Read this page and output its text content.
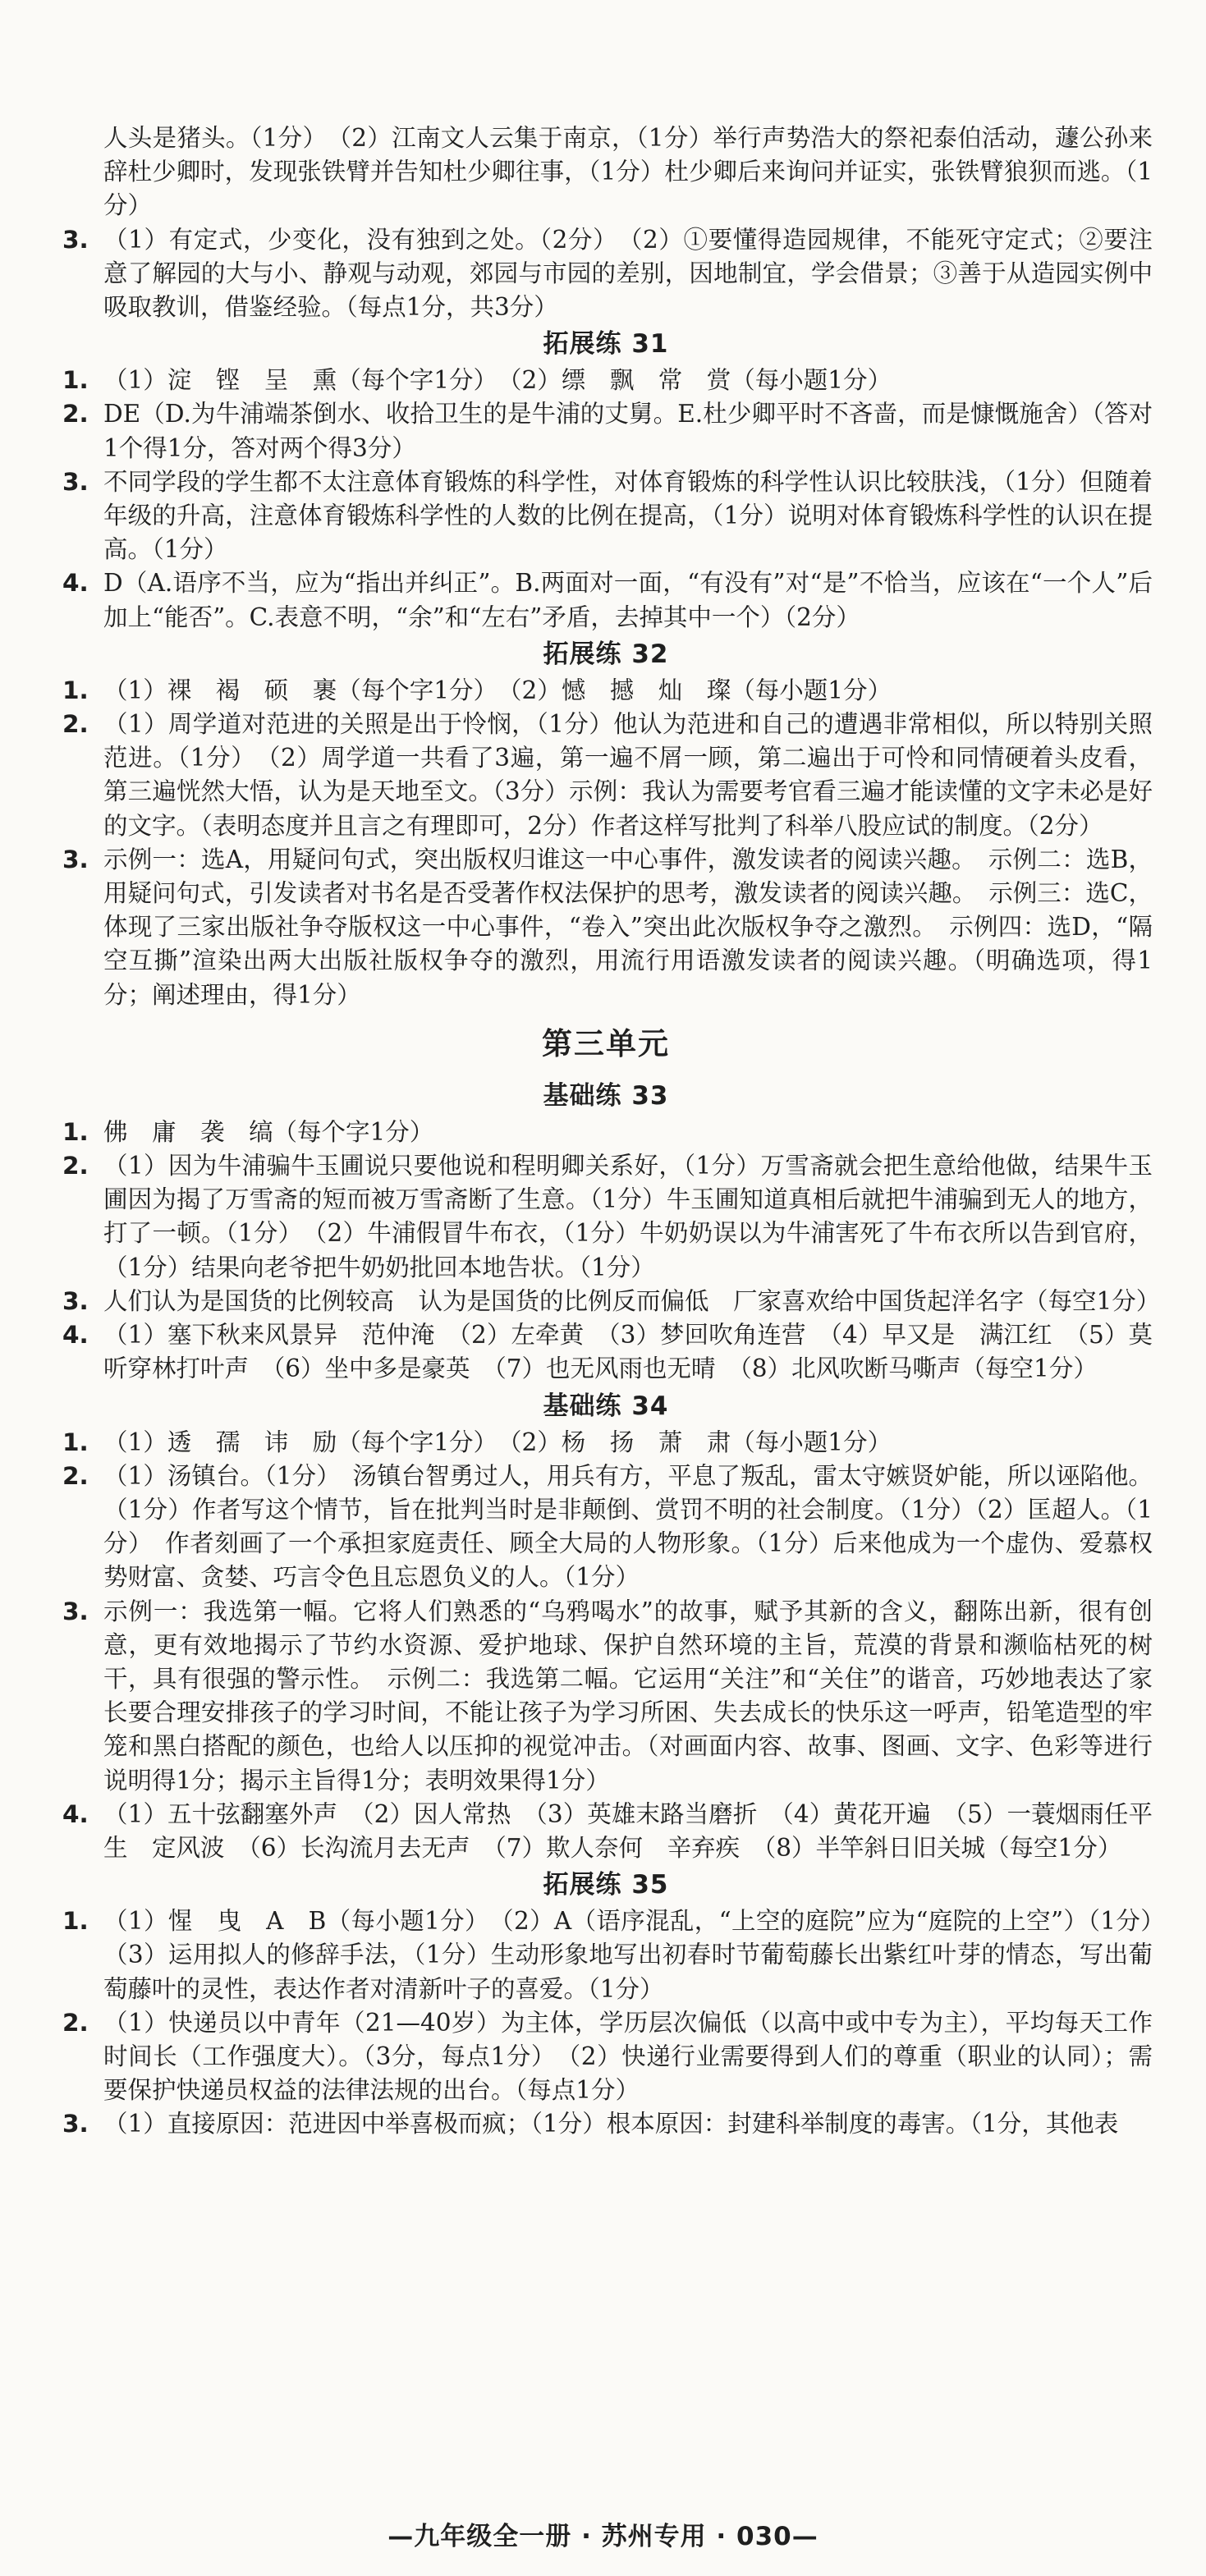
人头是猪头。（1分）　（2）江南文人云集于南京，（1分）举行声势浩大的祭祀泰伯活动，蘧公孙来辞杜少卿时，发现张铁臂并告知杜少卿往事，（1分）杜少卿后来询问并证实，张铁臂狼狈而逃。（1分）
3. （1）有定式，少变化，没有独到之处。（2分）　（2）①要懂得造园规律，不能死守定式；②要注意了解园的大与小、静观与动观，郊园与市园的差别，因地制宜，学会借景；③善于从造园实例中吸取教训，借鉴经验。（每点1分，共3分）
拓展练 31
1. （1）淀　铿　呈　熏（每个字1分）　（2）缥　飘　常　赏（每小题1分）
2. DE（D.为牛浦端茶倒水、收拾卫生的是牛浦的丈舅。E.杜少卿平时不吝啬，而是慷慨施舍）（答对1个得1分，答对两个得3分）
3. 不同学段的学生都不太注意体育锻炼的科学性，对体育锻炼的科学性认识比较肤浅，（1分）但随着年级的升高，注意体育锻炼科学性的人数的比例在提高，（1分）说明对体育锻炼科学性的认识在提高。（1分）
4. D（A.语序不当，应为“指出并纠正”。B.两面对一面，“有没有”对“是”不恰当，应该在“一个人”后加上“能否”。C.表意不明，“余”和“左右”矛盾，去掉其中一个）（2分）
拓展练 32
1. （1）裸　褐　硕　裹（每个字1分）　（2）憾　撼　灿　璨（每小题1分）
2. （1）周学道对范进的关照是出于怜悯，（1分）他认为范进和自己的遭遇非常相似，所以特别关照范进。（1分）　（2）周学道一共看了3遍，第一遍不屑一顾，第二遍出于可怜和同情硬着头皮看，第三遍恍然大悟，认为是天地至文。（3分）示例：我认为需要考官看三遍才能读懂的文字未必是好的文字。（表明态度并且言之有理即可，2分）作者这样写批判了科举八股应试的制度。（2分）
3. 示例一：选A，用疑问句式，突出版权归谁这一中心事件，激发读者的阅读兴趣。　示例二：选B，用疑问句式，引发读者对书名是否受著作权法保护的思考，激发读者的阅读兴趣。　示例三：选C，体现了三家出版社争夺版权这一中心事件，“卷入”突出此次版权争夺之激烈。　示例四：选D，“隔空互撕”渲染出两大出版社版权争夺的激烈，用流行用语激发读者的阅读兴趣。（明确选项，得1分；阐述理由，得1分）
第三单元
基础练 33
1. 佛　庸　袭　缟（每个字1分）
2. （1）因为牛浦骗牛玉圃说只要他说和程明卿关系好，（1分）万雪斋就会把生意给他做，结果牛玉圃因为揭了万雪斋的短而被万雪斋断了生意。（1分）牛玉圃知道真相后就把牛浦骗到无人的地方，打了一顿。（1分）　（2）牛浦假冒牛布衣，（1分）牛奶奶误以为牛浦害死了牛布衣所以告到官府，（1分）结果向老爷把牛奶奶批回本地告状。（1分）
3. 人们认为是国货的比例较高　认为是国货的比例反而偏低　厂家喜欢给中国货起洋名字（每空1分）
4. （1）塞下秋来风景异　范仲淹　（2）左牵黄　（3）梦回吹角连营　（4）早又是　满江红　（5）莫听穿林打叶声　（6）坐中多是豪英　（7）也无风雨也无晴　（8）北风吹断马嘶声（每空1分）
基础练 34
1. （1）透　孺　讳　励（每个字1分）　（2）杨　扬　萧　肃（每小题1分）
2. （1）汤镇台。（1分）　汤镇台智勇过人，用兵有方，平息了叛乱，雷太守嫉贤妒能，所以诬陷他。（1分）作者写这个情节，旨在批判当时是非颠倒、赏罚不明的社会制度。（1分）（2）匡超人。（1分）　作者刻画了一个承担家庭责任、顾全大局的人物形象。（1分）后来他成为一个虚伪、爱慕权势财富、贪婪、巧言令色且忘恩负义的人。（1分）
3. 示例一：我选第一幅。它将人们熟悉的“乌鸦喝水”的故事，赋予其新的含义，翻陈出新，很有创意，更有效地揭示了节约水资源、爱护地球、保护自然环境的主旨，荒漠的背景和濒临枯死的树干，具有很强的警示性。　示例二：我选第二幅。它运用“关注”和“关住”的谐音，巧妙地表达了家长要合理安排孩子的学习时间，不能让孩子为学习所困、失去成长的快乐这一呼声，铅笔造型的牢笼和黑白搭配的颜色，也给人以压抑的视觉冲击。（对画面内容、故事、图画、文字、色彩等进行说明得1分；揭示主旨得1分；表明效果得1分）
4. （1）五十弦翻塞外声　（2）因人常热　（3）英雄末路当磨折　（4）黄花开遍　（5）一蓑烟雨任平生　定风波　（6）长沟流月去无声　（7）欺人奈何　辛弃疾　（8）半竿斜日旧关城（每空1分）
拓展练 35
1. （1）惺　曳　A　B（每小题1分）　（2）A（语序混乱，“上空的庭院”应为“庭院的上空”）（1分）　（3）运用拟人的修辞手法，（1分）生动形象地写出初春时节葡萄藤长出紫红叶芽的情态，写出葡萄藤叶的灵性，表达作者对清新叶子的喜爱。（1分）
2. （1）快递员以中青年（21—40岁）为主体，学历层次偏低（以高中或中专为主），平均每天工作时间长（工作强度大）。（3分，每点1分）　（2）快递行业需要得到人们的尊重（职业的认同）；需要保护快递员权益的法律法规的出台。（每点1分）
3. （1）直接原因：范进因中举喜极而疯；（1分）根本原因：封建科举制度的毒害。（1分，其他表
—九年级全一册 · 苏州专用 · 030—
